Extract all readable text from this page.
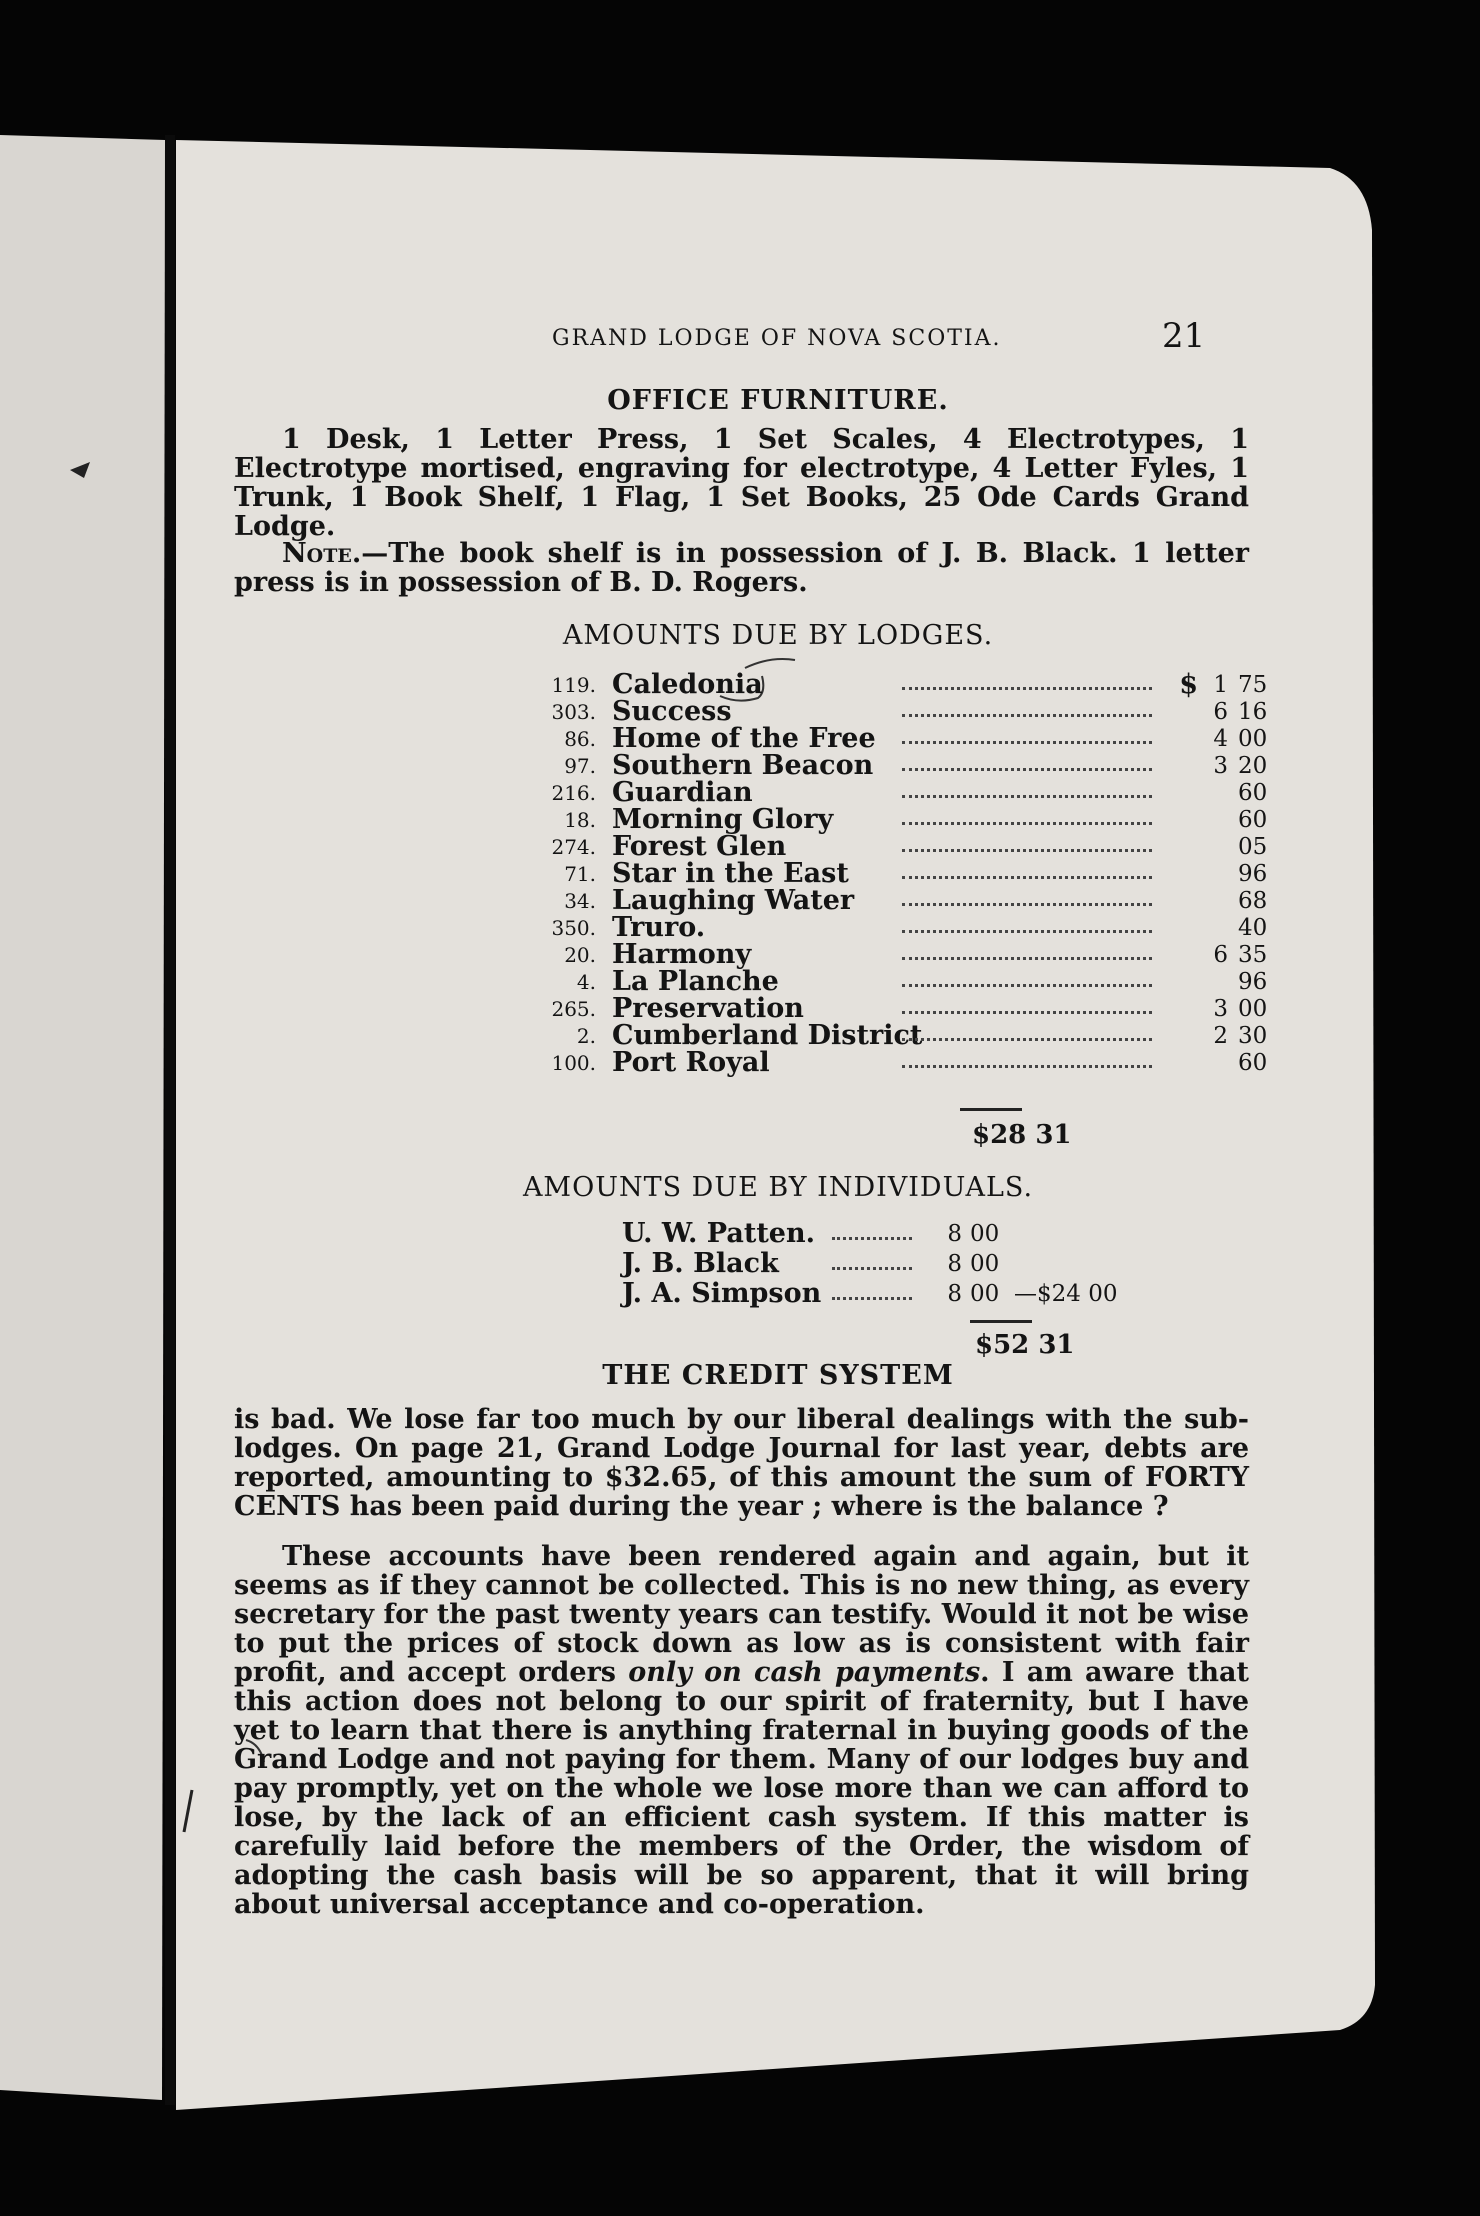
GRAND LODGE OF NOVA SCOTIA.	21
OFFICE FURNITURE.
1 Desk, 1 Letter Press, 1 Set Scales, 4 Electrotypes, 1 Electrotype mortised, engraving for electrotype, 4 Letter Fyles, 1 Trunk, 1 Book Shelf, 1 Flag, 1 Set Books, 25 Ode Cards Grand Lodge.
Note.—The book shelf is in possession of J. B. Black. 1 letter press is in possession of B. D. Rogers.
AMOUNTS DUE BY LODGES.
119. Caledonia	$ 1 75
303. Success	6 16
86. Home of the Free	4 00
97. Southern Beacon	3 20
216. Guardian	60
18. Morning Glory	60
274. Forest Glen	05
71. Star in the East	96
34. Laughing Water	68
350. Truro.	40
20. Harmony	6 35
4. La Planche	96
265. Preservation	3 00
2. Cumberland District	2 30
100. Port Royal	60
$28 31
AMOUNTS DUE BY INDIVIDUALS.
U. W. Patten.	8 00
J. B. Black	8 00
J. A. Simpson	8 00 —$24 00
$52 31
THE CREDIT SYSTEM
is bad. We lose far too much by our liberal dealings with the sub-lodges. On page 21, Grand Lodge Journal for last year, debts are reported, amounting to $32.65, of this amount the sum of FORTY CENTS has been paid during the year ; where is the balance ?
These accounts have been rendered again and again, but it seems as if they cannot be collected. This is no new thing, as every secretary for the past twenty years can testify. Would it not be wise to put the prices of stock down as low as is consistent with fair profit, and accept orders only on cash payments. I am aware that this action does not belong to our spirit of fraternity, but I have yet to learn that there is anything fraternal in buying goods of the Grand Lodge and not paying for them. Many of our lodges buy and pay promptly, yet on the whole we lose more than we can afford to lose, by the lack of an efficient cash system. If this matter is carefully laid before the members of the Order, the wisdom of adopting the cash basis will be so apparent, that it will bring about universal acceptance and co-operation.
